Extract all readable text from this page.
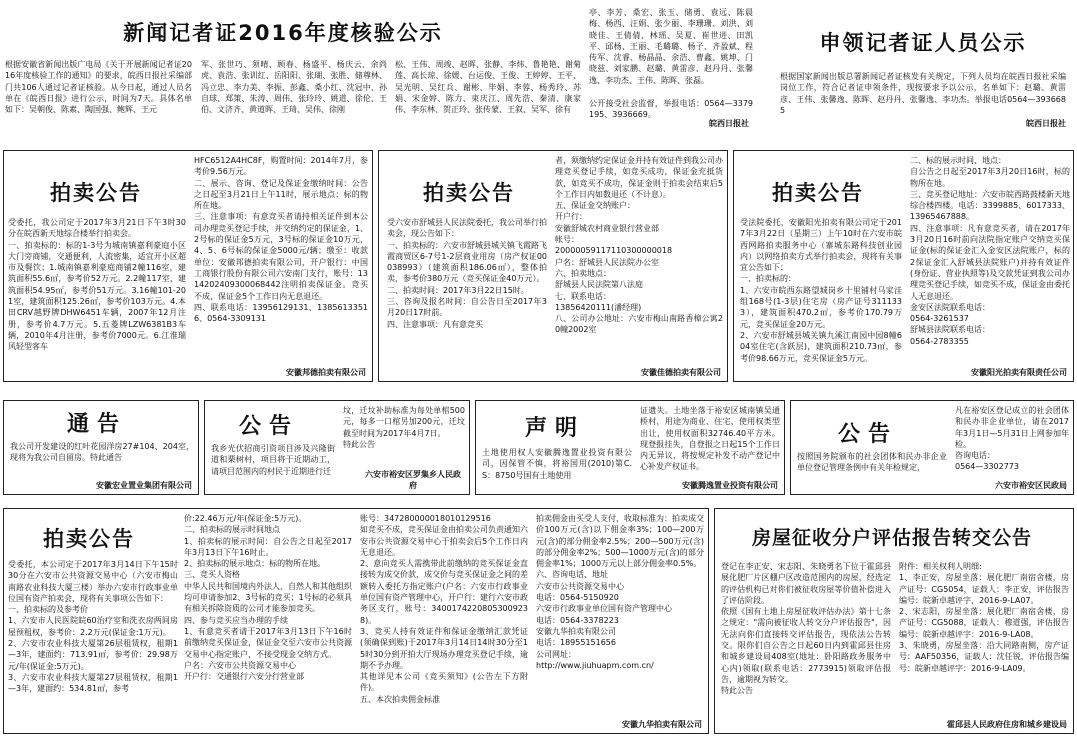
新闻记者证2016年度核验公示
根据安徽省新闻出版广电局《关于开展新闻记者证2016年度核验工作的通知》的要求，皖西日报社采编部门共106人通过记者证核验。从今日起，通过人员名单在《皖西日报》进行公示，时间为7天。具体名单如下：吴朝俊、陈素、陶国强、鲍辉、王元
军、张世巧、须晴、顾春、杨盛平、杨庆云、余尚虎、袁浩、张训红、岳阳阳、张瑚、张胜、储尊林、冯立忠、李力美、李振、彭鑫、桑小红、沈冠中、孙自球、郑策、朱涛、周伟、张玲玲、姚道、徐伦、王伯、文济齐、黄道晖、王琦、吴伟、徐刚
松、王伟、周竣、赵晖、张静、李炜、鲁艳艳、谢菊莲、高长琼、徐媛、台运俊、王俊、王婷婷、王平、吴光明、吴红兵、谢彬、毕娟、李蓉、杨秀玲、苏娟、宋金婷、陈力、束庆江、周先浩、秦清、康家伟、李东林、贺正玲、张传蒙、王叙、吴军、徐有
亭、李芳、桑宏、张玉、储勇、袁远、陈晨梅、杨西、汪娟、张少丽、李珊珊、刘洪、刘晓佳、王倩倩、林瑶、吴夏、崔世进、田凯平、邱杨、王丽、毛璐璐、杨子、齐盈斌、程传军、沈睿、杨晶晶、余浩、曹鑫、姚坤、门晓兹、刘家鹏、赵璐、黄雷彦、赵丹丹、张馨逸、李功杰、王伟、陈晖、张磊。
公开接受社会监督，举报电话：0564—3379195、3936669。
皖西日报社
申领记者证人员公示
根据国家新闻出版总署新闻记者证核发有关规定，下列人员均在皖西日报社采编岗位工作，符合记者证申领条件，现按要求予以公示，名单如下：赵璐、黄雷彦、王伟、张馨逸、陈晖、赵丹丹、张馨逸、李功杰。举报电话0564—3936685
皖西日报社
拍卖公告
受委托，我公司定于2017年3月21日下午3时30分在皖西新天地综合楼举行拍卖会。
一、拍卖标的：标的1-3号为城南镇嘉利豪庭小区大门旁商铺，交通便利，人流密集，适宜开小区超市及餐饮；1.城南镇嘉利豪庭商铺2幢116室，建筑面积55.6㎡，参考价52万元。2.2幢117室，建筑面积54.95㎡，参考价51万元。3.16幢101-201室，建筑面积125.26㎡，参考价103万元。4.本田CRV越野牌DHW6451车辆，2007年12月注册，参考价4.7万元。5.五菱牌LZW6381B3车辆，2010年4月注册，参考价7000元。6.江淮瑞风轻型客车
HFC6512A4HC8F，购置时间：2014年7月，参考价9.56万元。
二、展示、咨询、登记及保证金缴纳时间：公告之日起至3月21日上午11时，展示地点：标的物所在地。
三、注意事项：有意竞买者请持相关证件到本公司办理竞买登记手续，并交纳约定的保证金，1、2号标的保证金5万元，3号标的保证金10万元，4、5、6号标的保证金5000元/辆；缴至：收款单位：安徽邦德拍卖有限公司，开户银行：中国工商银行股份有限公司六安南门支行，账号：1314202409300068442注明拍卖保证金。竞买不成，保证金5个工作日内无息退还。
四、联系电话：13956129131、13856133516、0564-3309131
安徽邦德拍卖有限公司
拍卖公告
受六安市舒城县人民法院委托，我公司举行拍卖会，现公告如下：
一、拍卖标的：六安市舒城县城关镇飞霞路飞霞商贸区6-7号1-2层商业用房（房产权证00038993）（建筑面积186.06㎡），整体拍卖，参考价380万元（竞买保证金40万元）。
二、拍卖时间：2017年3月22日15时。
三、咨询及报名时间：自公告日至2017年3月20日17时前。
四、注意事项：凡有意竞买
者，须缴纳约定保证金并持有效证件到我公司办理竞买登记手续，如竞买成功，保证金充抵货款，如竞买不成功，保证金则于拍卖会结束后5个工作日内如数退还（不计息）。
五、保证金交纳账户：
开户行：
安徽舒城农村商业银行营业部
帐号：
20000059117110300000018
户名：舒城县人民法院办公室
六、拍卖地点：
舒城县人民法院第八法庭
七、联系电话：
13856420111(潘经理)
八、公司办公地址：六安市梅山南路香樟公寓20幢2002室
安徽佳德拍卖有限公司
拍卖公告
受法院委托，安徽阳光拍卖有限公司定于2017年3月22日（星期三）上午10时在六安市皖西网路拍卖服务中心（寨城东路科技创业园内）以网络拍卖方式举行拍卖会，现将有关事宜公告如下：
一、拍卖标的：
1、六安市皖西东路望城岗乡十里铺村马家洼组168号(1-3层)住宅房（房产证号3111333），建筑面积470.2㎡，参考价170.79万元，竞买保证金20万元。
2、六安市舒城县城关镇九溪江南园中园8幢604室住宅(含跃层)，建筑面积210.73㎡，参考价98.66万元，竞买保证金5万元。
二、标的展示时间、地点：
自公告之日起至2017年3月20日16时，标的物所在地。
三、竞买登记地址：六安市皖西路鼓楼新天地综合楼四楼。电话：3399885、6017333、13965467888。
四、注意事项：凡有意竞买者，请在2017年3月20日16时前向法院指定账户交纳竞买保证金(标的保证金汇入金安区法院账户，标的2保证金汇入舒城县法院账户)并持有效证件(身份证、营业执照等)及交款凭证到我公司办理竞买登记手续，如竞买不成，保证金由委托人无息退还。
金安区法院联系电话：
0564-3261537
舒城县法院联系电话：
0564-2783355
安徽阳光拍卖有限责任公司
通告
我公司开发建设的红叶花园洋房27#104、204室，现将为我公司自留房。特此通告
安徽宏业置业集团有限公司
公告
我乡光伏招商引资项目涉及兴隆街道和栗树村，项目将于近期动工，请项目范围内的村民于近期进行迁
坟，迁坟补助标准为每处单棺500元，每多一口棺另加200元，迁坟截至时间为2017年4月7日。
特此公告
六安市裕安区罗集乡人民政府
声明
土地使用权人安徽腾逸置业投资有限公司，因保管不慎，将裕国用(2010)第C.S：8750号国有土地使用
证遗失。土地坐落于裕安区城南镇吴通桥村，用途为商业、住宅，使用权类型出让，使用权面积32746.40平方米。现登报挂失，自登报之日起15个工作日内无异议，将按规定补发不动产登记中心补发产权证书。
安徽腾逸置业投资有限公司
公告
按照国务院颁布的社会团体和民办非企业单位登记管理条例中有关年检规定，
凡在裕安区登记成立的社会团体和民办非企业单位，请在2017年3月1日—5月31日上网参加年检。
咨询电话：
0564—3302773
六安市裕安区民政局
拍卖公告
受委托，本公司定于2017年3月14日下午15时30分在六安市公共资源交易中心（六安市梅山南路农业科技大厦三楼）举办六安市行政事业单位国有资产拍卖会，现将有关事项公告如下：
一、拍卖标的及参考价
1、六安市人民医院皖60治疗室和洗衣房两间房屋预租权，参考价：2.2万元(保证金:1万元)。
2、六安市农业科技大厦第26层租赁权，租期1—3年，建面约：713.91㎡，参考价：29.98万元/年(保证金:5万元)。
3、六安市农业科技大厦第27层租赁权，租期1—3年，建面约：534.81㎡，参考
价:22.46万元/年(保证金:5万元)。
二、拍卖标的展示时间地点
1、拍卖标的展示时间：自公告之日起至2017年3月13日下午16时止。
2、拍卖标的展示地点：标的物所在地。
三、竞买人资格
中华人民共和国境内外法人、自然人和其他组织均可申请参加2、3号标的竞买；1号标的必须具有相关拆除资质的公司才能参加竞买。
四、参与竞买应当办理的手续
1、有意竞买者请于2017年3月13日下午16时前缴纳竞买保证金，保证金交至六安市公共资源交易中心指定账户，不接受现金交纳方式。
户名：六安市公共资源交易中心
开户行：交通银行六安分行营业部
账号：347280000018010129516
如竞买不成，竞买保证金由拍卖公司负责通知六安市公共资源交易中心于拍卖会后5个工作日内无息退还。
2、意向竞买人需携带此前缴纳的竞买保证金直接转为成交价款，成交价与竞买保证金之间的差额转入委托方指定账户(户名：六安市行政事业单位国有资产管理中心，开户行：建行六安市政务区支行，账号：34001742208053009238)。
3、竞买人持有效证件和保证金缴纳汇款凭证(须确保到账)于2017年3月14日14时30分至15时30分到开拍大厅现场办理竞买登记手续，逾期不予办理。
其他详见本公司《竞买须知》(公告左下方附件)。
五、本次拍卖佣金标准
拍卖佣金由买受人支付，收取标准为：拍卖成交价100万元(含)以下佣金率3%；100—200万元(含)的部分佣金率2.5%；200—500万元(含)的部分佣金率2%；500—1000万元(含)的部分佣金率1%；1000万元以上部分佣金率0.5%。
六、咨询电话、地址
六安市公共资源交易中心
电话：0564-5150920
六安市行政事业单位国有资产管理中心
电话：0564-3378223
安徽九华拍卖有限公司
电话：18955151656
公司网址：
http://www.jiuhuapm.com.cn/
安徽九华拍卖有限公司
房屋征收分户评估报告转交公告
登记在李正安、宋志阳、朱晓勇名下位于霍邱县展化肥厂片区棚户区改造范围内的房屋，经选定的评估机构已对你们被征收房屋等价值补偿进入了评估阶段。
依照《国有土地上房屋征收评估办法》第十七条之规定："需向被征收人转交分户评估报告"，因无法向你们直接转交评估报告，现依法公告转交。限你们自公告之日起60日内到霍邱县住房和城乡建设局408室(地址：卧阳路政务服务中心内)领取(联系电话：2773915)领取评估报告，逾期视为转交。
特此公告
附件：相关权利人明细:
1、李正安，房屋坐落：展化肥厂南宿舍楼，房产证号：CG5054，证载人：李正安，评估报告编号：皖新卓越评字，2016-9-LA07。
2、宋志阳，房屋坐落：展化肥厂南宿舍楼，房产证号：CG5088，证载人：穆道强，评估报告编号：皖新卓越评字：2016-9-LA08。
3、朱晓勇，房屋坐落：沿大同路南侧，房产证号：AAF50356，证载人：沈任锐，评估报告编号：皖新卓越评字：2016-9-LA09。
霍邱县人民政府住房和城乡建设局
